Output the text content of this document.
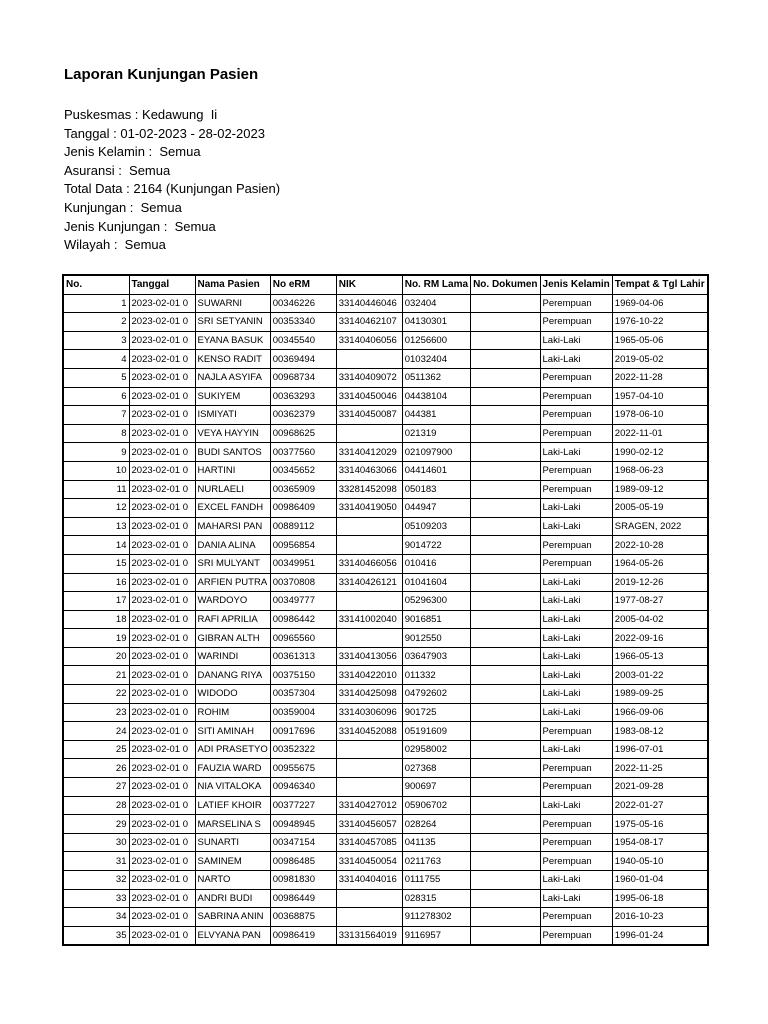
Laporan Kunjungan Pasien
Puskesmas : Kedawung  Ii
Tanggal : 01-02-2023 - 28-02-2023
Jenis Kelamin :  Semua
Asuransi :  Semua
Total Data : 2164 (Kunjungan Pasien)
Kunjungan :  Semua
Jenis Kunjungan :  Semua
Wilayah :  Semua
No.	Tanggal	Nama Pasien	No eRM	NIK	No. RM Lama	No. Dokumen	Jenis Kelamin	Tempat & Tgl Lahir
1	2023-02-01 0	SUWARNI	00346226	33140446046	032404		Perempuan	1969-04-06
2	2023-02-01 0	SRI SETYANIN	00353340	33140462107	04130301		Perempuan	1976-10-22
3	2023-02-01 0	EYANA BASUK	00345540	33140406056	01256600		Laki-Laki	1965-05-06
4	2023-02-01 0	KENSO RADIT	00369494		01032404		Laki-Laki	2019-05-02
5	2023-02-01 0	NAJLA ASYIFA	00968734	33140409072	0511362		Perempuan	2022-11-28
6	2023-02-01 0	SUKIYEM	00363293	33140450046	04438104		Perempuan	1957-04-10
7	2023-02-01 0	ISMIYATI	00362379	33140450087	044381		Perempuan	1978-06-10
8	2023-02-01 0	VEYA HAYYIN	00968625		021319		Perempuan	2022-11-01
9	2023-02-01 0	BUDI SANTOS	00377560	33140412029	021097900		Laki-Laki	1990-02-12
10	2023-02-01 0	HARTINI	00345652	33140463066	04414601		Perempuan	1968-06-23
11	2023-02-01 0	NURLAELI	00365909	33281452098	050183		Perempuan	1989-09-12
12	2023-02-01 0	EXCEL FANDH	00986409	33140419050	044947		Laki-Laki	2005-05-19
13	2023-02-01 0	MAHARSI PAN	00889112		05109203		Laki-Laki	SRAGEN, 2022
14	2023-02-01 0	DANIA ALINA	00956854		9014722		Perempuan	2022-10-28
15	2023-02-01 0	SRI MULYANT	00349951	33140466056	010416		Perempuan	1964-05-26
16	2023-02-01 0	ARFIEN PUTRA	00370808	33140426121	01041604		Laki-Laki	2019-12-26
17	2023-02-01 0	WARDOYO	00349777		05296300		Laki-Laki	1977-08-27
18	2023-02-01 0	RAFI APRILIA	00986442	33141002040	9016851		Laki-Laki	2005-04-02
19	2023-02-01 0	GIBRAN ALTH	00965560		9012550		Laki-Laki	2022-09-16
20	2023-02-01 0	WARINDI	00361313	33140413056	03647903		Laki-Laki	1966-05-13
21	2023-02-01 0	DANANG RIYA	00375150	33140422010	011332		Laki-Laki	2003-01-22
22	2023-02-01 0	WIDODO	00357304	33140425098	04792602		Laki-Laki	1989-09-25
23	2023-02-01 0	ROHIM	00359004	33140306096	901725		Laki-Laki	1966-09-06
24	2023-02-01 0	SITI AMINAH	00917696	33140452088	05191609		Perempuan	1983-08-12
25	2023-02-01 0	ADI PRASETYO	00352322		02958002		Laki-Laki	1996-07-01
26	2023-02-01 0	FAUZIA WARD	00955675		027368		Perempuan	2022-11-25
27	2023-02-01 0	NIA VITALOKA	00946340		900697		Perempuan	2021-09-28
28	2023-02-01 0	LATIEF KHOIR	00377227	33140427012	05906702		Laki-Laki	2022-01-27
29	2023-02-01 0	MARSELINA S	00948945	33140456057	028264		Perempuan	1975-05-16
30	2023-02-01 0	SUNARTI	00347154	33140457085	041135		Perempuan	1954-08-17
31	2023-02-01 0	SAMINEM	00986485	33140450054	0211763		Perempuan	1940-05-10
32	2023-02-01 0	NARTO	00981830	33140404016	0111755		Laki-Laki	1960-01-04
33	2023-02-01 0	ANDRI BUDI	00986449		028315		Laki-Laki	1995-06-18
34	2023-02-01 0	SABRINA ANIN	00368875		911278302		Perempuan	2016-10-23
35	2023-02-01 0	ELVYANA PAN	00986419	33131564019	9116957		Perempuan	1996-01-24
